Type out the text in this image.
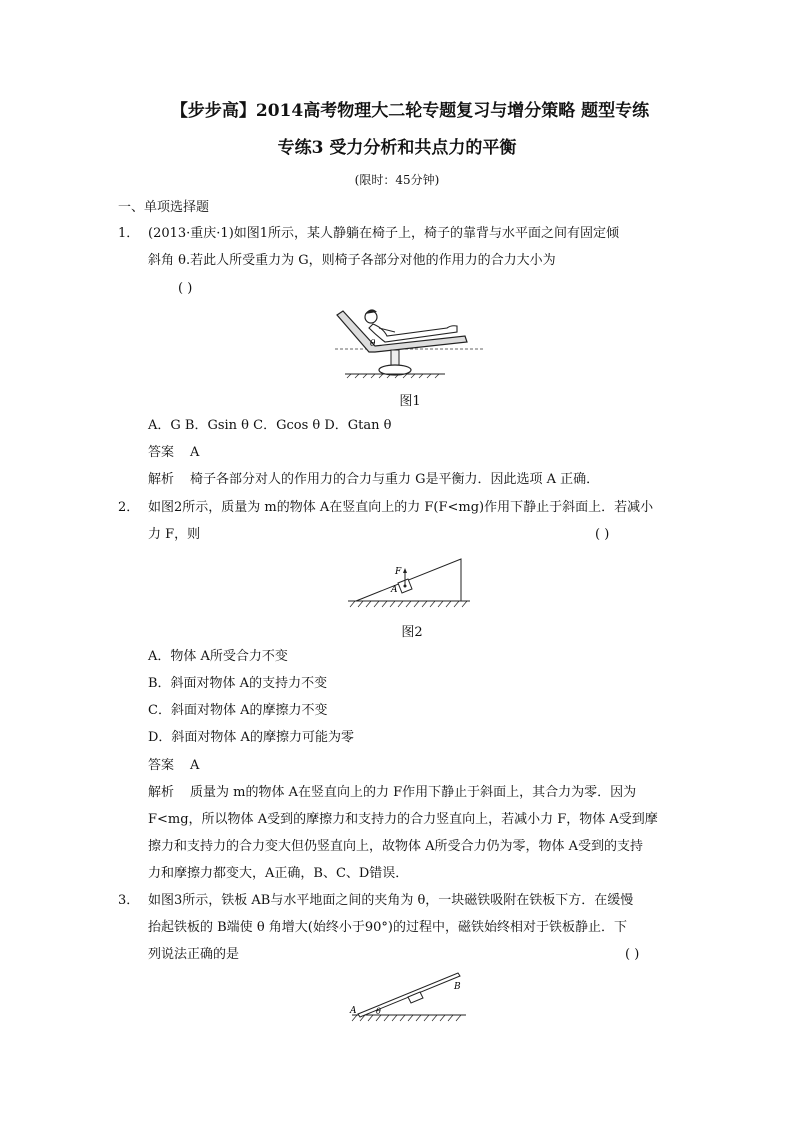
【步步高】2014高考物理大二轮专题复习与增分策略 题型专练
专练3 受力分析和共点力的平衡
(限时：45分钟)
一、单项选择题
1． (2013·重庆·1)如图1所示，某人静躺在椅子上，椅子的靠背与水平面之间有固定倾
斜角 θ.若此人所受重力为 G，则椅子各部分对他的作用力的合力大小为
( )
θ
图1
A．G B．Gsin θ C．Gcos θ D．Gtan θ
答案 A
解析 椅子各部分对人的作用力的合力与重力 G是平衡力．因此选项 A 正确．
2． 如图2所示，质量为 m的物体 A在竖直向上的力 F(F<mg)作用下静止于斜面上．若减小
力 F，则	( )
F
A
图2
A．物体 A所受合力不变
B．斜面对物体 A的支持力不变
C．斜面对物体 A的摩擦力不变
D．斜面对物体 A的摩擦力可能为零
答案 A
解析 质量为 m的物体 A在竖直向上的力 F作用下静止于斜面上，其合力为零．因为
F<mg，所以物体 A受到的摩擦力和支持力的合力竖直向上，若减小力 F，物体 A受到摩
擦力和支持力的合力变大但仍竖直向上，故物体 A所受合力仍为零，物体 A受到的支持
力和摩擦力都变大，A正确，B、C、D错误．
3． 如图3所示，铁板 AB与水平地面之间的夹角为 θ，一块磁铁吸附在铁板下方．在缓慢
抬起铁板的 B端使 θ 角增大(始终小于90°)的过程中，磁铁始终相对于铁板静止．下
列说法正确的是	( )
A
B
θ
